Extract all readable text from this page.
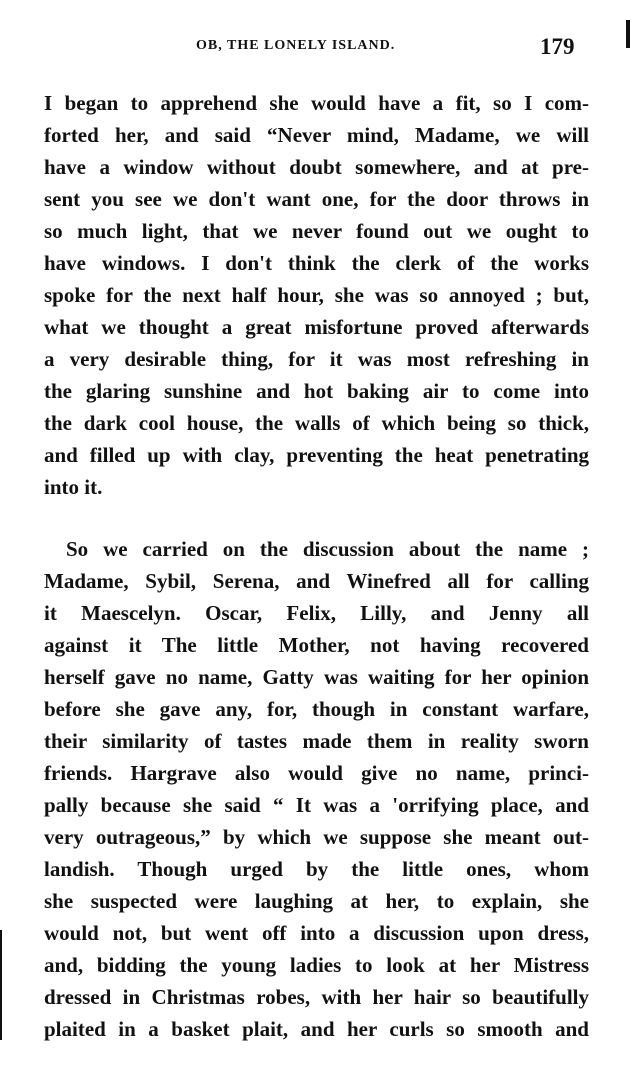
OB, THE LONELY ISLAND.	179
I began to apprehend she would have a fit, so I com-
forted her, and said “Never mind, Madame, we will
have a window without doubt somewhere, and at pre-
sent you see we don't want one, for the door throws in
so much light, that we never found out we ought to
have windows. I don't think the clerk of the works
spoke for the next half hour, she was so annoyed ; but,
what we thought a great misfortune proved afterwards
a very desirable thing, for it was most refreshing in
the glaring sunshine and hot baking air to come into
the dark cool house, the walls of which being so thick,
and filled up with clay, preventing the heat penetrating
into it.
So we carried on the discussion about the name ;
Madame, Sybil, Serena, and Winefred all for calling
it Maescelyn. Oscar, Felix, Lilly, and Jenny all
against it The little Mother, not having recovered
herself gave no name, Gatty was waiting for her opinion
before she gave any, for, though in constant warfare,
their similarity of tastes made them in reality sworn
friends. Hargrave also would give no name, princi-
pally because she said “ It was a 'orrifying place, and
very outrageous,” by which we suppose she meant out-
landish. Though urged by the little ones, whom
she suspected were laughing at her, to explain, she
would not, but went off into a discussion upon dress,
and, bidding the young ladies to look at her Mistress
dressed in Christmas robes, with her hair so beautifully
plaited in a basket plait, and her curls so smooth and
